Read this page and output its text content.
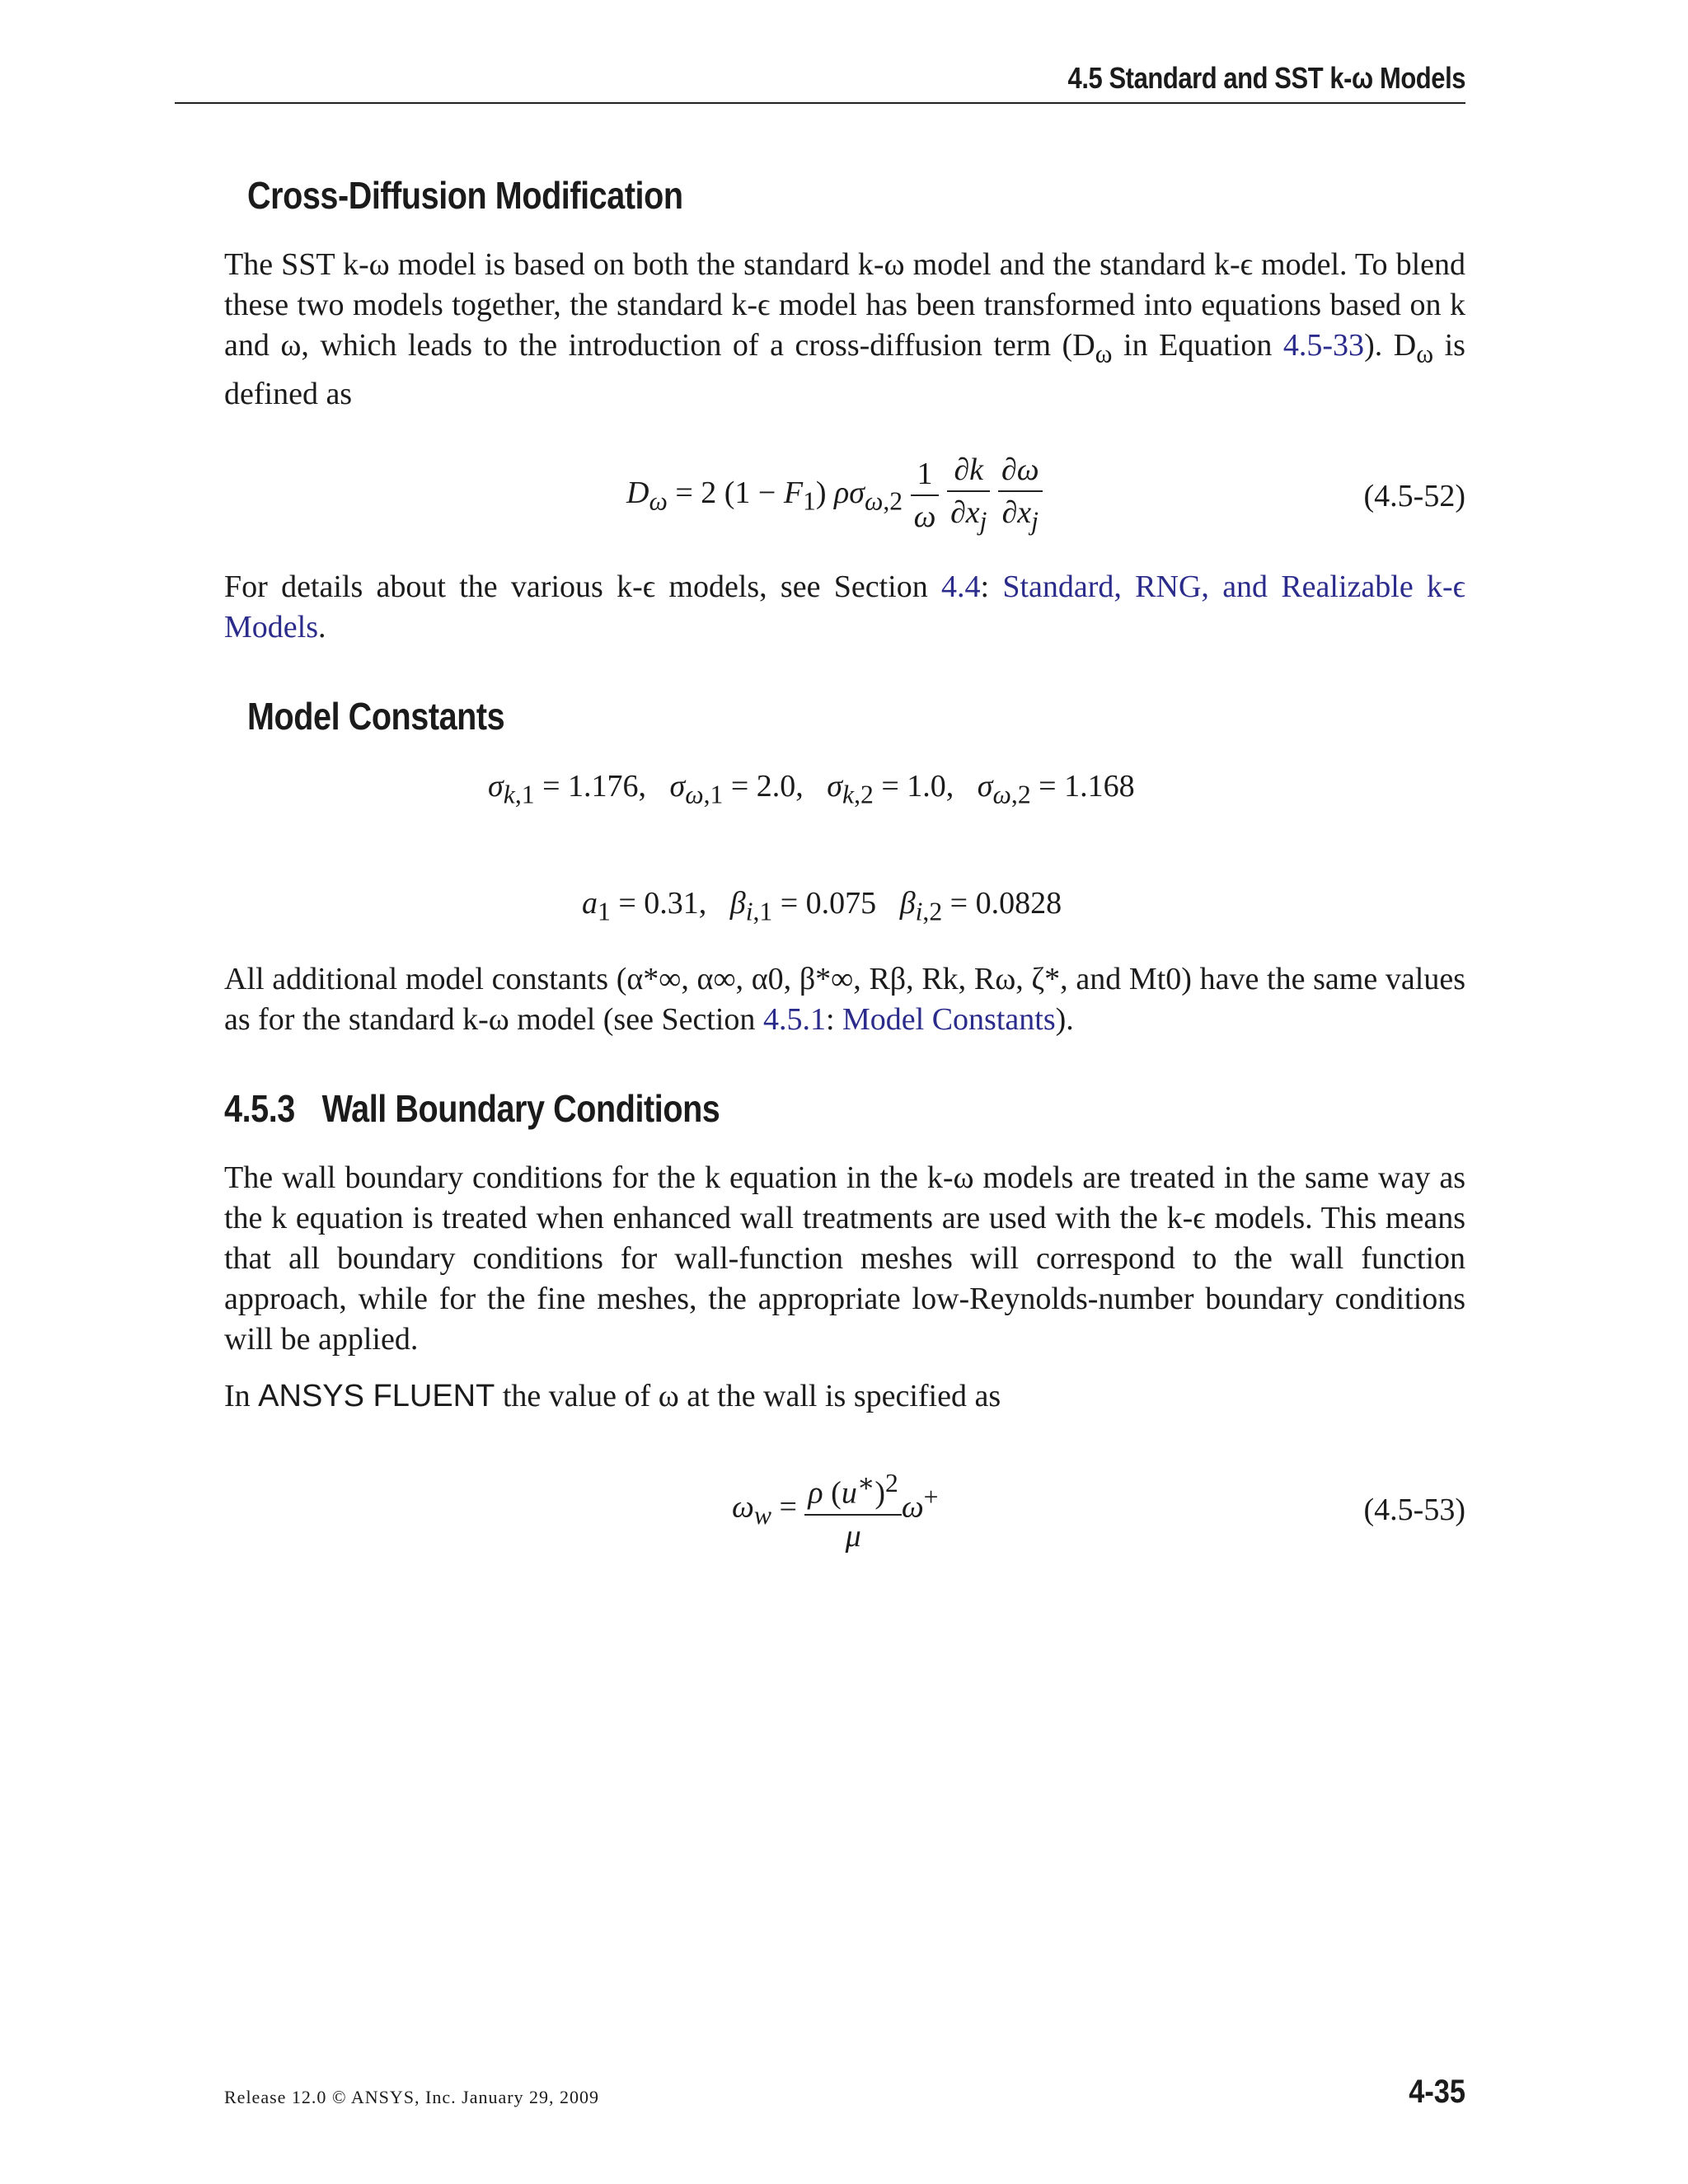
4.5 Standard and SST k-ω Models
Cross-Diffusion Modification

The SST k-ω model is based on both the standard k-ω model and the standard k-ϵ model. To blend these two models together, the standard k-ϵ model has been transformed into equations based on k and ω, which leads to the introduction of a cross-diffusion term ($D_\omega$ in Equation 4.5-33). $D_\omega$ is defined as

$D_\omega = 2$ $(1 - F_1)$ $\rho\sigma_{\omega,2} \frac{1}{\omega}$
$\frac{\partial k}{\partial x_j}$
$\frac{\partial\omega}{\partial x_j}$	(4.5-52)

For details about the various k-ϵ models, see Section 4.4: Standard, RNG, and Realizable k-ϵ Models.

Model Constants
$\sigma_{k,1} = 1.176$,   $\sigma_{\omega,1} = 2.0$,   $\sigma_{k,2} = 1.0$,   $\sigma_{\omega,2} = 1.168$
$a_1 = 0.31$,   $\beta_{i,1} = 0.075$   $\beta_{i,2} = 0.0828$

All additional model constants (α*∞, α∞, α0, β*∞, Rβ, Rk, Rω, ζ*, and Mt0) have the same values as for the standard k-ω model (see Section 4.5.1: Model Constants).

4.5.3 Wall Boundary Conditions

The wall boundary conditions for the k equation in the k-ω models are treated in the same way as the k equation is treated when enhanced wall treatments are used with the k-ϵ models. This means that all boundary conditions for wall-function meshes will correspond to the wall function approach, while for the fine meshes, the appropriate low-Reynolds-number boundary conditions will be applied.

In ANSYS FLUENT the value of ω at the wall is specified as

$\omega_w = \frac{\rho (u^∗)^2}{\mu} \omega^+$	(4.5-53)
Release 12.0 © ANSYS, Inc. January 29, 2009	4-35
